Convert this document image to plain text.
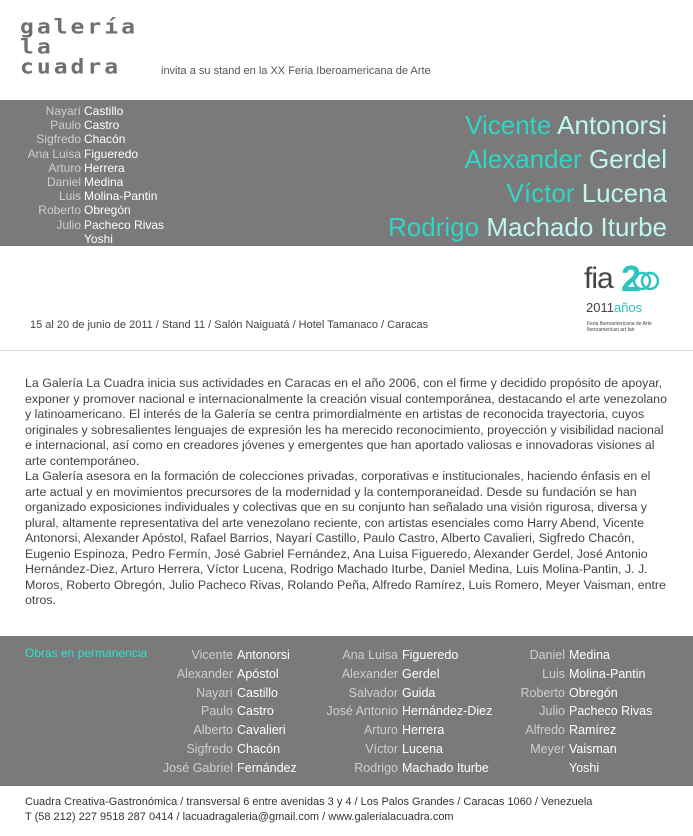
galería
la
cuadra	invita a su stand en la XX Feria Iberoamericana de Arte
Nayarí Castillo
Paulo Castro
Sigfredo Chacón
Ana Luisa Figueredo
Arturo Herrera
Daniel Medina
Luis Molina-Pantin
Roberto Obregón
Julio Pacheco Rivas
Yoshi
Vicente Antonorsi
Alexander Gerdel
Víctor Lucena
Rodrigo Machado Iturbe
15 al 20 de junio de 2011 / Stand 11 / Salón Naiguatá / Hotel Tamanaco / Caracas
fia 2
2011años
Feria Iberoamericana de Arte
Iberoamerican art fair

La Galería La Cuadra inicia sus actividades en Caracas en el año 2006, con el firme y decidido propósito de apoyar, exponer y promover nacional e internacionalmente la creación visual contemporánea, destacando el arte venezolano y latinoamericano. El interés de la Galería se centra primordialmente en artistas de reconocida trayectoria, cuyos originales y sobresalientes lenguajes de expresión les ha merecido reconocimiento, proyección y visibilidad nacional e internacional, así como en creadores jóvenes y emergentes que han aportado valiosas e innovadoras visiones al arte contemporáneo.

La Galería asesora en la formación de colecciones privadas, corporativas e institucionales, haciendo énfasis en el arte actual y en movimientos precursores de la modernidad y la contemporaneidad. Desde su fundación se han organizado exposiciones individuales y colectivas que en su conjunto han señalado una visión rigurosa, diversa y plural, altamente representativa del arte venezolano reciente, con artistas esenciales como Harry Abend, Vicente Antonorsi, Alexander Apóstol, Rafael Barrios, Nayarí Castillo, Paulo Castro, Alberto Cavalieri, Sigfredo Chacón, Eugenio Espinoza, Pedro Fermín, José Gabriel Fernández, Ana Luisa Figueredo, Alexander Gerdel, José Antonio Hernández-Diez, Arturo Herrera, Víctor Lucena, Rodrigo Machado Iturbe, Daniel Medina, Luis Molina-Pantin, J. J. Moros, Roberto Obregón, Julio Pacheco Rivas, Rolando Peña, Alfredo Ramírez, Luis Romero, Meyer Vaisman, entre otros.

Obras en permanencia	Vicente Antonorsi
Alexander Apóstol
Nayarí Castillo
Paulo Castro
Alberto Cavalieri
Sigfredo Chacón
José Gabriel Fernández
Ana Luisa Figueredo
Alexander Gerdel
Salvador Guida
José Antonio Hernández-Diez
Arturo Herrera
Víctor Lucena
Rodrigo Machado Iturbe
Daniel Medina
Luis Molina-Pantin
Roberto Obregón
Julio Pacheco Rivas
Alfredo Ramírez
Meyer Vaisman
Yoshi
Cuadra Creativa-Gastronómica / transversal 6 entre avenidas 3 y 4 / Los Palos Grandes / Caracas 1060 / Venezuela
T (58 212) 227 9518 287 0414 / lacuadragaleria@gmail.com / www.galerialacuadra.com
